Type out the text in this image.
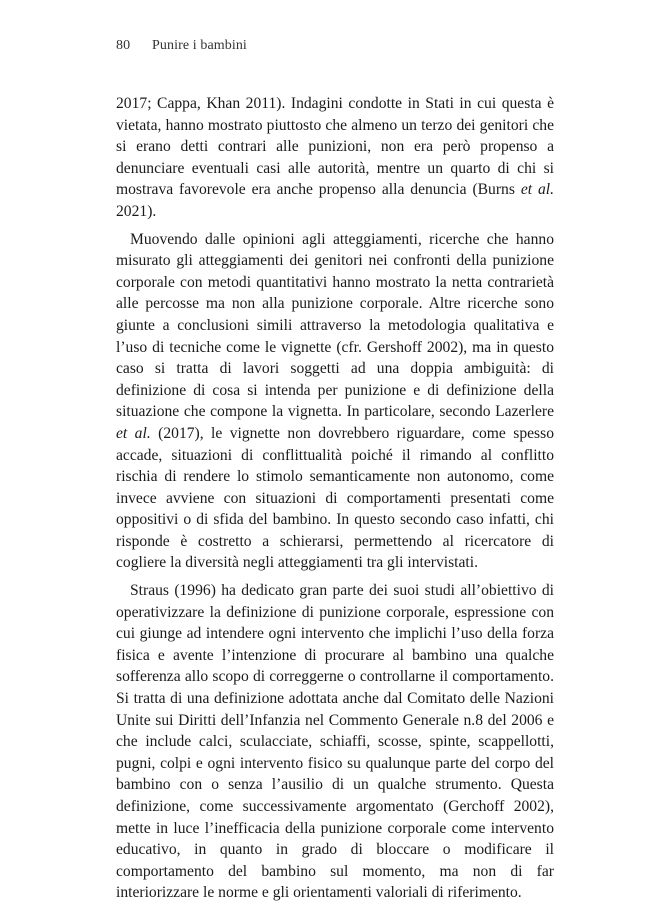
80 Punire i bambini

2017; Cappa, Khan 2011). Indagini condotte in Stati in cui questa è vietata, hanno mostrato piuttosto che almeno un terzo dei genitori che si erano detti contrari alle punizioni, non era però propenso a denunciare eventuali casi alle autorità, mentre un quarto di chi si mostrava favorevole era anche propenso alla denuncia (Burns et al. 2021).

Muovendo dalle opinioni agli atteggiamenti, ricerche che hanno misurato gli atteggiamenti dei genitori nei confronti della punizione corporale con metodi quantitativi hanno mostrato la netta contrarietà alle percosse ma non alla punizione corporale. Altre ricerche sono giunte a conclusioni simili attraverso la metodologia qualitativa e l’uso di tecniche come le vignette (cfr. Gershoff 2002), ma in questo caso si tratta di lavori soggetti ad una doppia ambiguità: di definizione di cosa si intenda per punizione e di definizione della situazione che compone la vignetta. In particolare, secondo Lazerlere et al. (2017), le vignette non dovrebbero riguardare, come spesso accade, situazioni di conflittualità poiché il rimando al conflitto rischia di rendere lo stimolo semanticamente non autonomo, come invece avviene con situazioni di comportamenti presentati come oppositivi o di sfida del bambino. In questo secondo caso infatti, chi risponde è costretto a schierarsi, permettendo al ricercatore di cogliere la diversità negli atteggiamenti tra gli intervistati.

Straus (1996) ha dedicato gran parte dei suoi studi all’obiettivo di operativizzare la definizione di punizione corporale, espressione con cui giunge ad intendere ogni intervento che implichi l’uso della forza fisica e avente l’intenzione di procurare al bambino una qualche sofferenza allo scopo di correggerne o controllarne il comportamento. Si tratta di una definizione adottata anche dal Comitato delle Nazioni Unite sui Diritti dell’Infanzia nel Commento Generale n.8 del 2006 e che include calci, sculacciate, schiaffi, scosse, spinte, scappellotti, pugni, colpi e ogni intervento fisico su qualunque parte del corpo del bambino con o senza l’ausilio di un qualche strumento. Questa definizione, come successivamente argomentato (Gerchoff 2002), mette in luce l’inefficacia della punizione corporale come intervento educativo, in quanto in grado di bloccare o modificare il comportamento del bambino sul momento, ma non di far interiorizzare le norme e gli orientamenti valoriali di riferimento.
